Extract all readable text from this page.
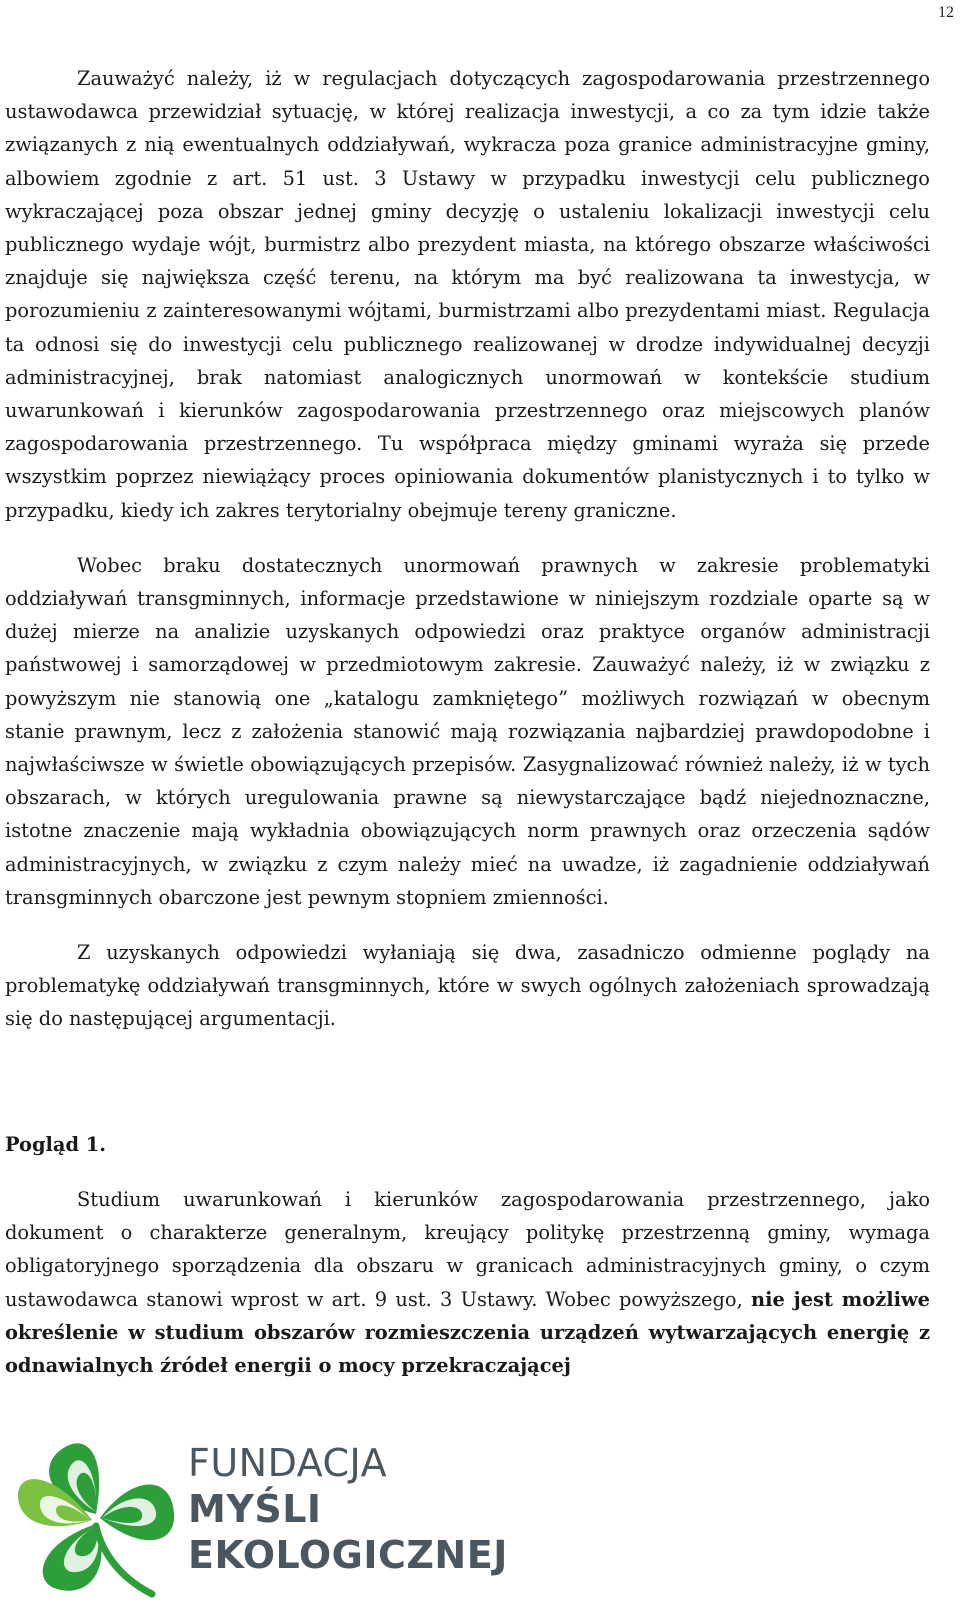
12

Zauważyć należy, iż w regulacjach dotyczących zagospodarowania przestrzennego ustawodawca przewidział sytuację, w której realizacja inwestycji, a co za tym idzie także związanych z nią ewentualnych oddziaływań, wykracza poza granice administracyjne gminy, albowiem zgodnie z art. 51 ust. 3 Ustawy w przypadku inwestycji celu publicznego wykraczającej poza obszar jednej gminy decyzję o ustaleniu lokalizacji inwestycji celu publicznego wydaje wójt, burmistrz albo prezydent miasta, na którego obszarze właściwości znajduje się największa część terenu, na którym ma być realizowana ta inwestycja, w porozumieniu z zainteresowanymi wójtami, burmistrzami albo prezydentami miast. Regulacja ta odnosi się do inwestycji celu publicznego realizowanej w drodze indywidualnej decyzji administracyjnej, brak natomiast analogicznych unormowań w kontekście studium uwarunkowań i kierunków zagospodarowania przestrzennego oraz miejscowych planów zagospodarowania przestrzennego. Tu współpraca między gminami wyraża się przede wszystkim poprzez niewiążący proces opiniowania dokumentów planistycznych i to tylko w przypadku, kiedy ich zakres terytorialny obejmuje tereny graniczne.

Wobec braku dostatecznych unormowań prawnych w zakresie problematyki oddziaływań transgminnych, informacje przedstawione w niniejszym rozdziale oparte są w dużej mierze na analizie uzyskanych odpowiedzi oraz praktyce organów administracji państwowej i samorządowej w przedmiotowym zakresie. Zauważyć należy, iż w związku z powyższym nie stanowią one „katalogu zamkniętego” możliwych rozwiązań w obecnym stanie prawnym, lecz z założenia stanowić mają rozwiązania najbardziej prawdopodobne i najwłaściwsze w świetle obowiązujących przepisów. Zasygnalizować również należy, iż w tych obszarach, w których uregulowania prawne są niewystarczające bądź niejednoznaczne, istotne znaczenie mają wykładnia obowiązujących norm prawnych oraz orzeczenia sądów administracyjnych, w związku z czym należy mieć na uwadze, iż zagadnienie oddziaływań transgminnych obarczone jest pewnym stopniem zmienności.

Z uzyskanych odpowiedzi wyłaniają się dwa, zasadniczo odmienne poglądy na problematykę oddziaływań transgminnych, które w swych ogólnych założeniach sprowadzają się do następującej argumentacji.

Pogląd 1.

Studium uwarunkowań i kierunków zagospodarowania przestrzennego, jako dokument o charakterze generalnym, kreujący politykę przestrzenną gminy, wymaga obligatoryjnego sporządzenia dla obszaru w granicach administracyjnych gminy, o czym ustawodawca stanowi wprost w art. 9 ust. 3 Ustawy. Wobec powyższego, nie jest możliwe określenie w studium obszarów rozmieszczenia urządzeń wytwarzających energię z odnawialnych źródeł energii o mocy przekraczającej

FUNDACJA
MYŚLI
EKOLOGICZNEJ
